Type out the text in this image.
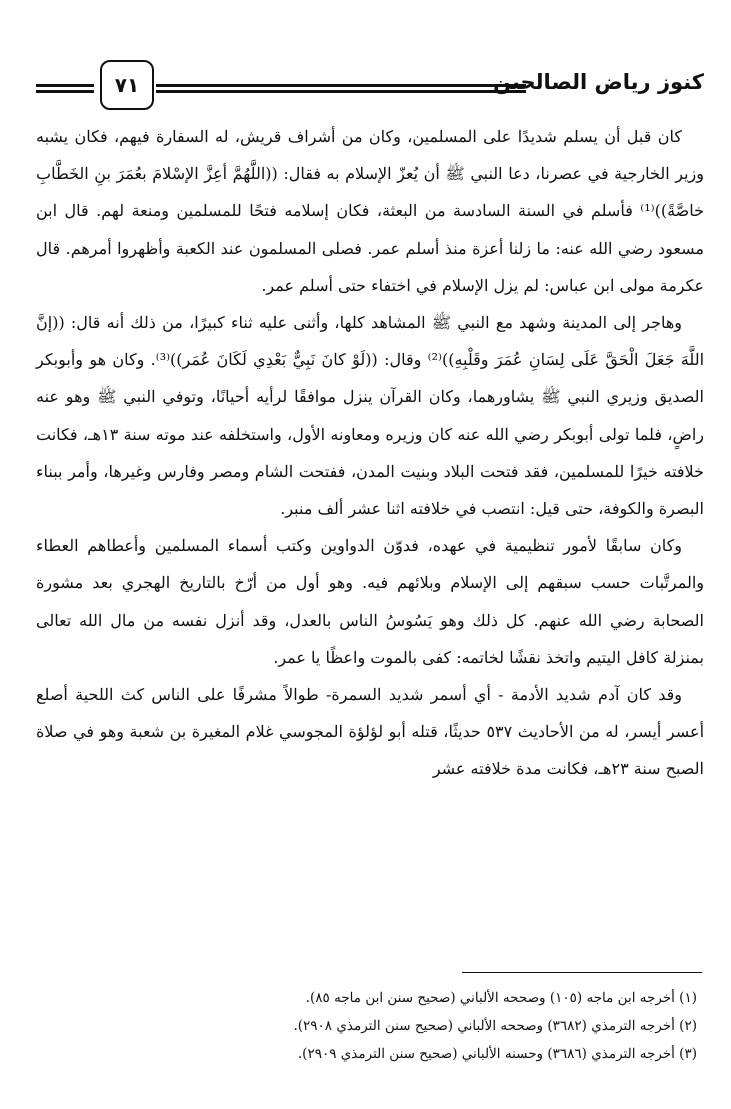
٧١	كنوز رياض الصالحين

كان قبل أن يسلم شديدًا على المسلمين، وكان من أشراف قريش، له السفارة فيهم، فكان يشبه وزير الخارجية في عصرنا، دعا النبي ﷺ أن يُعزّ الإسلام به فقال: ((اللَّهُمَّ أعِزَّ الإسْلامَ بعُمَرَ بنِ الخَطَّابِ خاصَّةً))⁽¹⁾ فأسلم في السنة السادسة من البعثة، فكان إسلامه فتحًا للمسلمين ومنعة لهم. قال ابن مسعود رضي الله عنه: ما زلنا أعزة منذ أسلم عمر. فصلى المسلمون عند الكعبة وأظهروا أمرهم. قال عكرمة مولى ابن عباس: لم يزل الإسلام في اختفاء حتى أسلم عمر.

وهاجر إلى المدينة وشهد مع النبي ﷺ المشاهد كلها، وأثنى عليه ثناء كبيرًا، من ذلك أنه قال: ((إنَّ اللَّهَ جَعَلَ الْحَقَّ عَلَى لِسَانِ عُمَرَ وقَلْبِهِ))⁽²⁾ وقال: ((لَوْ كانَ نَبِيٌّ بَعْدِي لَكَانَ عُمَر))⁽³⁾. وكان هو وأبوبكر الصديق وزيري النبي ﷺ يشاورهما، وكان القرآن ينزل موافقًا لرأيه أحيانًا، وتوفي النبي ﷺ وهو عنه راضٍ، فلما تولى أبوبكر رضي الله عنه كان وزيره ومعاونه الأول، واستخلفه عند موته سنة ١٣هـ، فكانت خلافته خيرًا للمسلمين، فقد فتحت البلاد وبنيت المدن، ففتحت الشام ومصر وفارس وغيرها، وأمر ببناء البصرة والكوفة، حتى قيل: انتصب في خلافته اثنا عشر ألف منبر.

وكان سابقًا لأمور تنظيمية في عهده، فدوّن الدواوين وكتب أسماء المسلمين وأعطاهم العطاء والمرتَّبات حسب سبقهم إلى الإسلام وبلائهم فيه. وهو أول من أرّخ بالتاريخ الهجري بعد مشورة الصحابة رضي الله عنهم. كل ذلك وهو يَسُوسُ الناس بالعدل، وقد أنزل نفسه من مال الله تعالى بمنزلة كافل اليتيم واتخذ نقشًا لخاتمه: كفى بالموت واعظًا يا عمر.

وقد كان آدم شديد الأدمة - أي أسمر شديد السمرة- طوالاً مشرفًا على الناس كث اللحية أصلع أعسر أيسر، له من الأحاديث ٥٣٧ حديثًا، قتله أبو لؤلؤة المجوسي غلام المغيرة بن شعبة وهو في صلاة الصبح سنة ٢٣هـ، فكانت مدة خلافته عشر

(١) أخرجه ابن ماجه (١٠٥) وصححه الألباني (صحيح سنن ابن ماجه ٨٥).
(٢) أخرجه الترمذي (٣٦٨٢) وصححه الألباني (صحيح سنن الترمذي ٢٩٠٨).
(٣) أخرجه الترمذي (٣٦٨٦) وحسنه الألباني (صحيح سنن الترمذي ٢٩٠٩).
